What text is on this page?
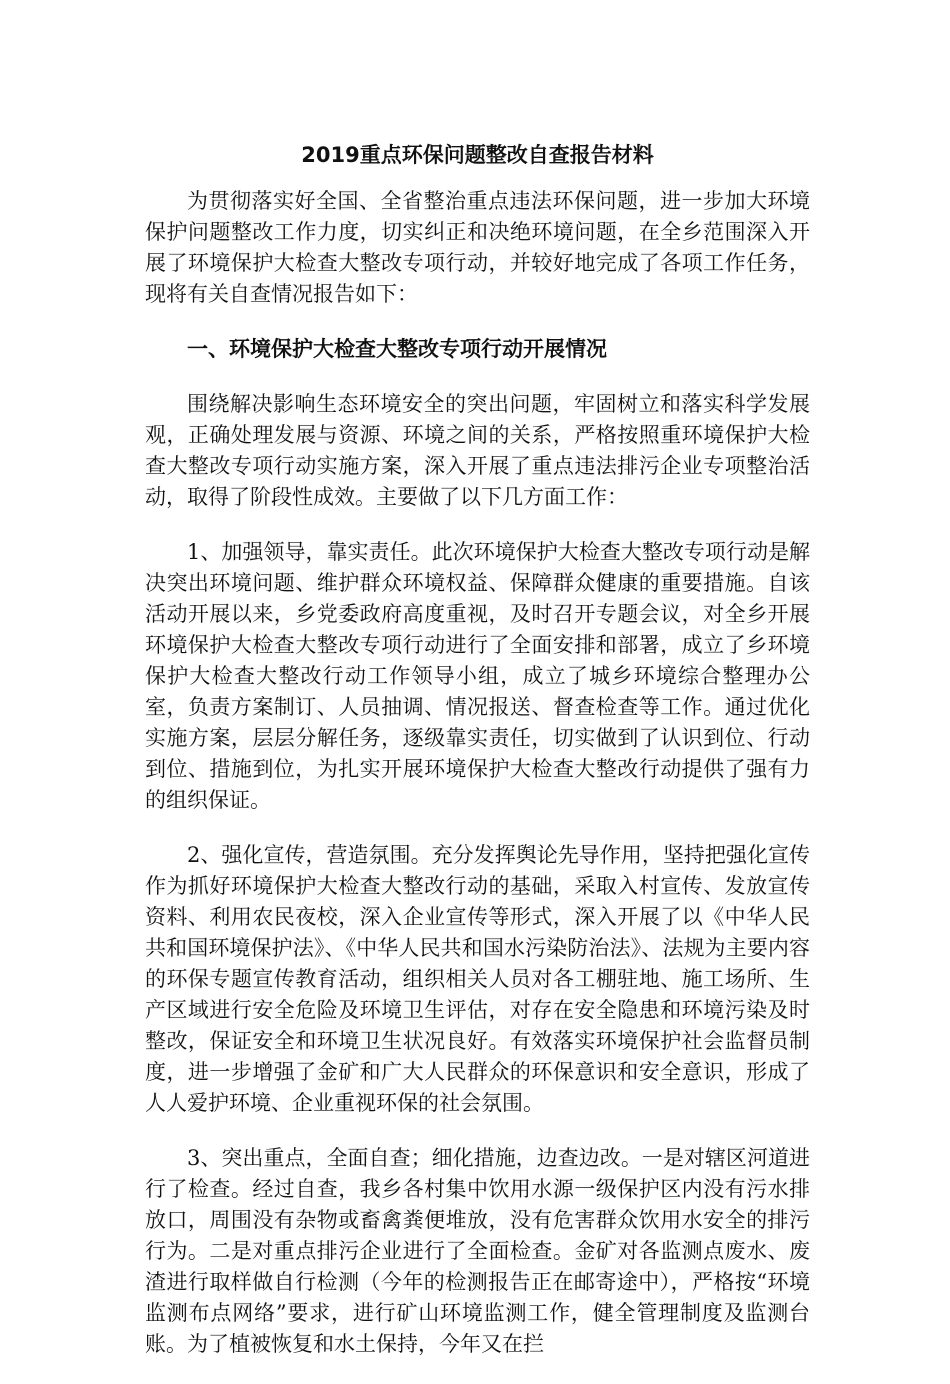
2019重点环保问题整改自查报告材料

为贯彻落实好全国、全省整治重点违法环保问题，进一步加大环境保护问题整改工作力度，切实纠正和决绝环境问题，在全乡范围深入开展了环境保护大检查大整改专项行动，并较好地完成了各项工作任务，现将有关自查情况报告如下：

一、环境保护大检查大整改专项行动开展情况

围绕解决影响生态环境安全的突出问题，牢固树立和落实科学发展观，正确处理发展与资源、环境之间的关系，严格按照重环境保护大检查大整改专项行动实施方案，深入开展了重点违法排污企业专项整治活动，取得了阶段性成效。主要做了以下几方面工作：

1、加强领导，靠实责任。此次环境保护大检查大整改专项行动是解决突出环境问题、维护群众环境权益、保障群众健康的重要措施。自该活动开展以来，乡党委政府高度重视，及时召开专题会议，对全乡开展环境保护大检查大整改专项行动进行了全面安排和部署，成立了乡环境保护大检查大整改行动工作领导小组，成立了城乡环境综合整理办公室，负责方案制订、人员抽调、情况报送、督查检查等工作。通过优化实施方案，层层分解任务，逐级靠实责任，切实做到了认识到位、行动到位、措施到位，为扎实开展环境保护大检查大整改行动提供了强有力的组织保证。

2、强化宣传，营造氛围。充分发挥舆论先导作用，坚持把强化宣传作为抓好环境保护大检查大整改行动的基础，采取入村宣传、发放宣传资料、利用农民夜校，深入企业宣传等形式，深入开展了以《中华人民共和国环境保护法》、《中华人民共和国水污染防治法》、法规为主要内容的环保专题宣传教育活动，组织相关人员对各工棚驻地、施工场所、生产区域进行安全危险及环境卫生评估，对存在安全隐患和环境污染及时整改，保证安全和环境卫生状况良好。有效落实环境保护社会监督员制度，进一步增强了金矿和广大人民群众的环保意识和安全意识，形成了人人爱护环境、企业重视环保的社会氛围。

3、突出重点，全面自查；细化措施，边查边改。一是对辖区河道进行了检查。经过自查，我乡各村集中饮用水源一级保护区内没有污水排放口，周围没有杂物或畜禽粪便堆放，没有危害群众饮用水安全的排污行为。二是对重点排污企业进行了全面检查。金矿对各监测点废水、废渣进行取样做自行检测（今年的检测报告正在邮寄途中），严格按“环境监测布点网络”要求，进行矿山环境监测工作，健全管理制度及监测台账。为了植被恢复和水土保持，今年又在拦
